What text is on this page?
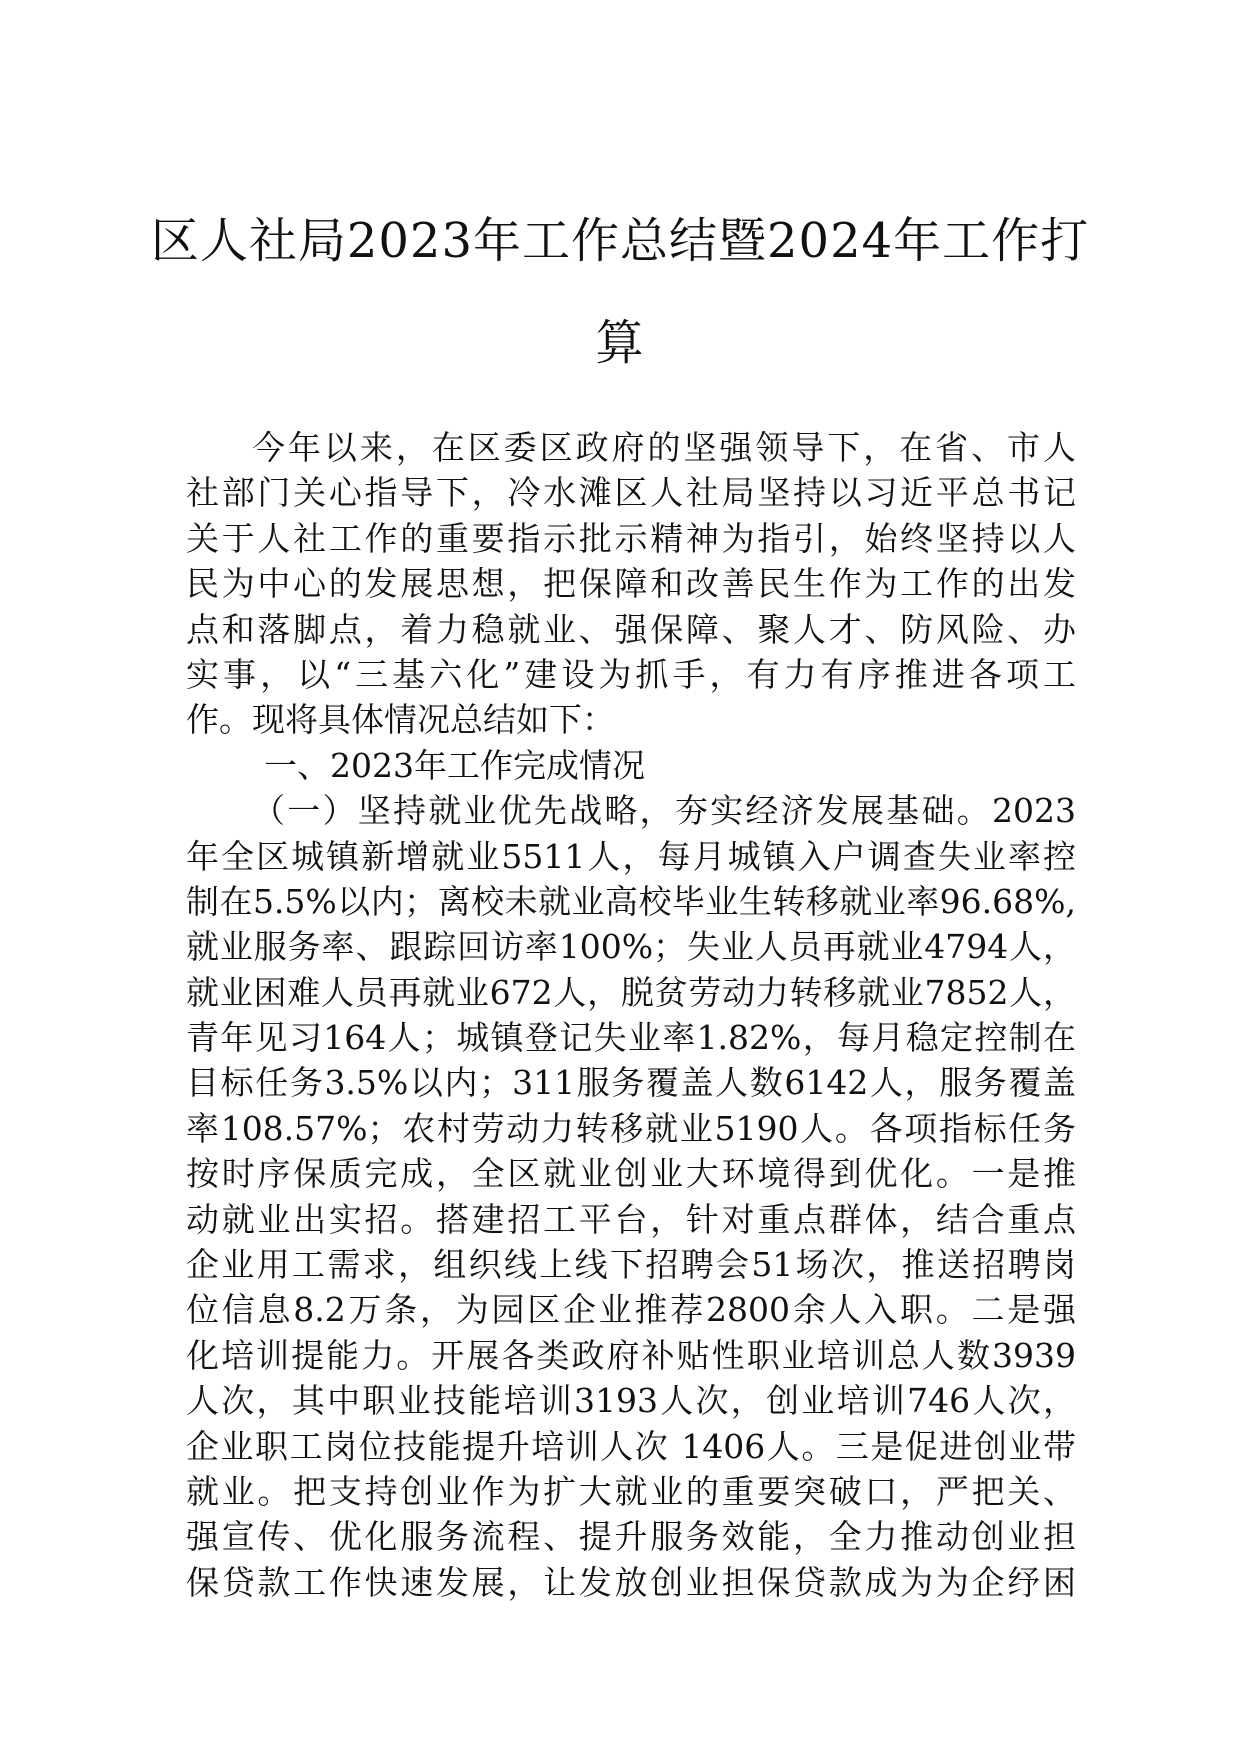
区人社局2023年工作总结暨2024年工作打
算

今年以来，在区委区政府的坚强领导下，在省、市人

社部门关心指导下，冷水滩区人社局坚持以习近平总书记

关于人社工作的重要指示批示精神为指引，始终坚持以人

民为中心的发展思想，把保障和改善民生作为工作的出发

点和落脚点，着力稳就业、强保障、聚人才、防风险、办

实事，以“三基六化”建设为抓手，有力有序推进各项工

作。现将具体情况总结如下：

一、2023年工作完成情况

（一）坚持就业优先战略，夯实经济发展基础。2023

年全区城镇新增就业5511人，每月城镇入户调查失业率控

制在5.5%以内；离校未就业高校毕业生转移就业率96.68%,

就业服务率、跟踪回访率100%；失业人员再就业4794人，

就业困难人员再就业672人，脱贫劳动力转移就业7852人，

青年见习164人；城镇登记失业率1.82%，每月稳定控制在

目标任务3.5%以内；311服务覆盖人数6142人，服务覆盖

率108.57%；农村劳动力转移就业5190人。各项指标任务

按时序保质完成，全区就业创业大环境得到优化。一是推

动就业出实招。搭建招工平台，针对重点群体，结合重点

企业用工需求，组织线上线下招聘会51场次，推送招聘岗

位信息8.2万条，为园区企业推荐2800余人入职。二是强

化培训提能力。开展各类政府补贴性职业培训总人数3939

人次，其中职业技能培训3193人次，创业培训746人次，

企业职工岗位技能提升培训人次 1406人。三是促进创业带

就业。把支持创业作为扩大就业的重要突破口，严把关、

强宣传、优化服务流程、提升服务效能，全力推动创业担

保贷款工作快速发展，让发放创业担保贷款成为为企纾困
